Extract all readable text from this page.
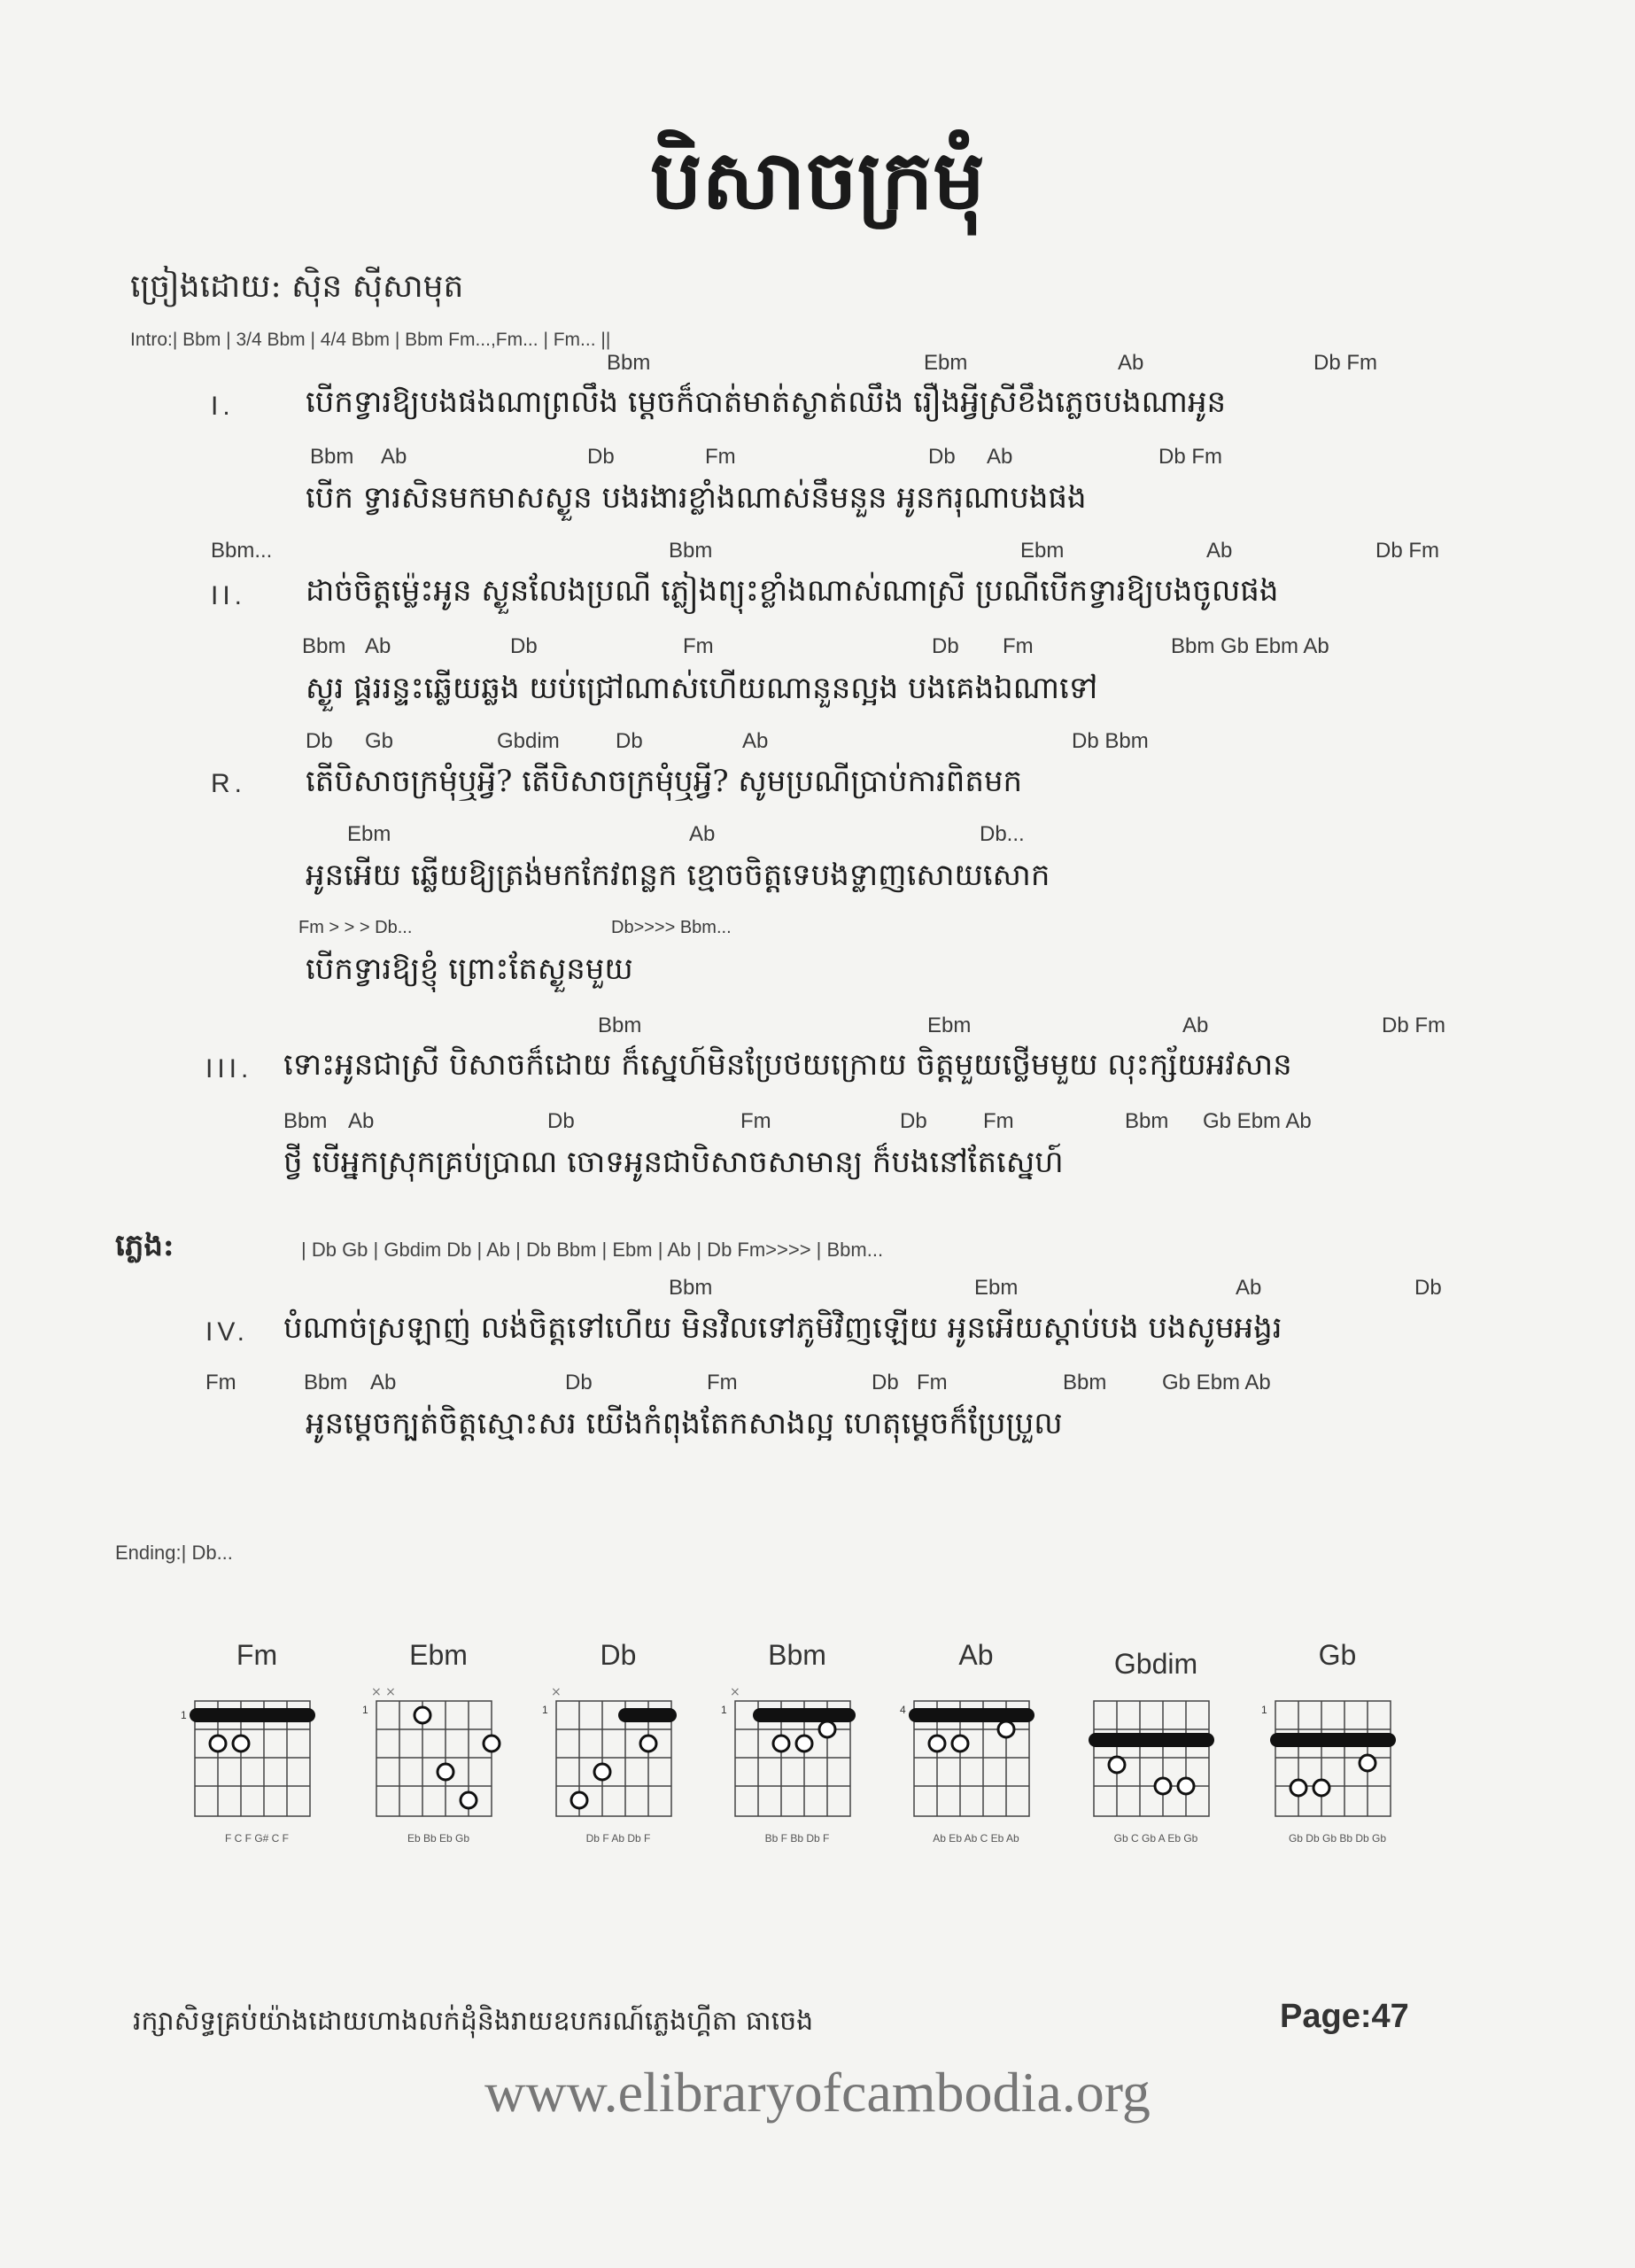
បិសាចក្រមុំ
ច្រៀងដោយ: ស៊ិន ស៊ីសាមុត
Intro:| Bbm | 3/4 Bbm | 4/4 Bbm | Bbm Fm...,Fm... | Fm... ||
I.
Bbm	Ebm	Ab	Db Fm
បើកទ្វារឱ្យបងផងណាព្រលឹង ម្ដេចក៏បាត់មាត់ស្ងាត់ឈឹង រឿងអ្វីស្រីខឹងភ្លេចបងណាអូន
Bbm Ab	Db	Fm	Db Ab	Db Fm
បើក ទ្វារសិនមកមាសស្ងួន បងរងារខ្លាំងណាស់នឹមនួន អូនករុណាបងផង
II.
Bbm...	Bbm	Ebm	Ab	Db Fm
ដាច់ចិត្តម្ល៉េះអូន ស្ងួនលែងប្រណី ភ្លៀងព្យុះខ្លាំងណាស់ណាស្រី ប្រណីបើកទ្វារឱ្យបងចូលផង
Bbm Ab	Db	Fm	Db Fm	Bbm Gb Ebm Ab
ស្ងួរ ផ្គររន្ទះឆ្លើយឆ្លង យប់ជ្រៅណាស់ហើយណានួនល្អង បងគេងឯណាទៅ
R.
Db Gb	Gbdim	Db	Ab	Db Bbm
តើបិសាចក្រមុំឬអ្វី? តើបិសាចក្រមុំឬអ្វី? សូមប្រណីប្រាប់ការពិតមក
Ebm	Ab	Db...
អូនអើយ ឆ្លើយឱ្យត្រង់មកកែវពន្លក ខ្មោចចិត្តទេបងទ្លាញសោយសោក
Fm > > > Db...	Db>>>> Bbm...
បើកទ្វារឱ្យខ្ញុំ ព្រោះតែស្ងួនមួយ
III.
Bbm	Ebm	Ab	Db Fm
ទោះអូនជាស្រី បិសាចក៏ដោយ ក៏ស្នេហ៍មិនប្រែថយក្រោយ ចិត្តមួយថ្លើមមួយ លុះក្ស័យអវសាន
Bbm Ab	Db	Fm	Db	Fm	Bbm Gb Ebm Ab
ថ្វី បើអ្នកស្រុកគ្រប់ប្រាណ ចោទអូនជាបិសាចសាមាន្យ ក៏បងនៅតែស្នេហ៍
ភ្លេង:	| Db Gb | Gbdim Db | Ab | Db Bbm | Ebm | Ab | Db Fm>>>> | Bbm...
IV.
Bbm	Ebm	Ab	Db
បំណាច់ស្រឡាញ់ លង់ចិត្តទៅហើយ មិនវិលទៅភូមិវិញឡើយ អូនអើយស្ដាប់បង បងសូមអង្វរ
Fm	Bbm Ab	Db	Fm	Db Fm	Bbm	Gb Ebm Ab
អូនម្ដេចក្បត់ចិត្តស្មោះសរ យើងកំពុងតែកសាងល្អ ហេតុម្ដេចក៏ប្រែប្រួល
Ending:| Db...
Fm
1
F C F G# C F
Ebm
× ×
1
Eb Bb Eb Gb
Db
×
1
Db F Ab Db F
Bbm
×
1
Bb F Bb Db F
Ab
4
Ab Eb Ab C Eb Ab
Gbdim
Gb C Gb A Eb Gb
Gb
1
Gb Db Gb Bb Db Gb
រក្សាសិទ្ធគ្រប់យ៉ាងដោយហាងលក់ដុំនិងរាយឧបករណ៍ភ្លេងហ្គីតា ធាចេង	Page:47
www.elibraryofcambodia.org
